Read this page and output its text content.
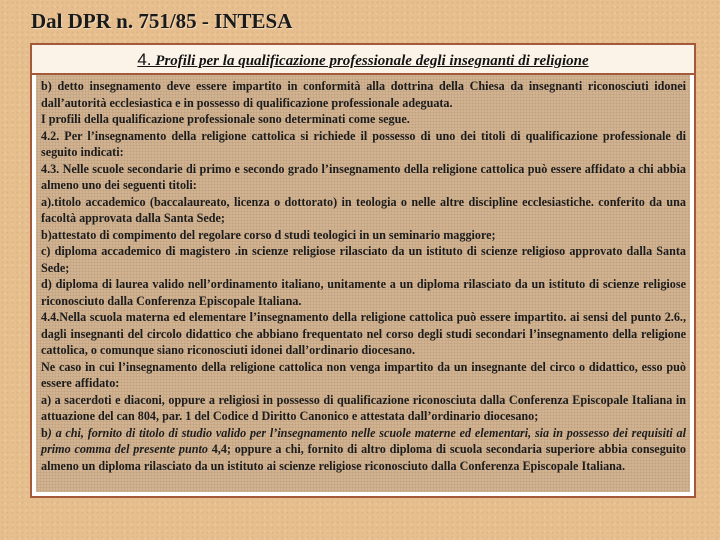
Dal DPR n. 751/85 - INTESA
4. Profili per la qualificazione professionale degli insegnanti di religione

b) detto insegnamento deve essere impartito in conformità alla dottrina della Chiesa da insegnanti riconosciuti idonei dall’autorità ecclesiastica e in possesso di qualificazione professionale adeguata.

I profili della qualificazione professionale sono determinati come segue.

4.2. Per l’insegnamento della religione cattolica si richiede il possesso di uno dei titoli di qualificazione professionale di seguito indicati:

4.3. Nelle scuole secondarie di primo e secondo grado l’insegnamento della religione cattolica può essere affidato a chi abbia almeno uno dei seguenti titoli:

a).titolo accademico (baccalaureato, licenza o dottorato) in teologia o nelle altre discipline ecclesiastiche. conferito da una facoltà approvata dalla Santa Sede;

b)attestato di compimento del regolare corso d studi teologici in un seminario maggiore;

c) diploma accademico di magistero .in scienze religiose rilasciato da un istituto di scienze religioso approvato dalla Santa Sede;

d) diploma di laurea valido nell’ordinamento italiano, unitamente a un diploma rilasciato da un istituto di scienze religiose riconosciuto dalla Conferenza Episcopale Italiana.

4.4.Nella scuola materna ed elementare l’insegnamento della religione cattolica può essere impartito. ai sensi del punto 2.6., dagli insegnanti del circolo didattico che abbiano frequentato nel corso degli studi secondari l’insegnamento della religione cattolica, o comunque siano riconosciuti idonei dall’ordinario diocesano.

Ne caso in cui l’insegnamento della religione cattolica non venga impartito da un insegnante del circo o didattico, esso può essere affidato:

a) a sacerdoti e diaconi, oppure a religiosi in possesso di qualificazione riconosciuta dalla Conferenza Episcopale Italiana in attuazione del can 804, par. 1 del Codice d Diritto Canonico e attestata dall’ordinario diocesano;

b) a chi, fornito di titolo di studio valido per l’insegnamento nelle scuole materne ed elementari, sia in possesso dei requisiti al primo comma del presente punto 4,4; oppure a chi, fornito di altro diploma di scuola secondaria superiore abbia conseguito almeno un diploma rilasciato da un istituto ai scienze religiose riconosciuto dalla Conferenza Episcopale Italiana.
